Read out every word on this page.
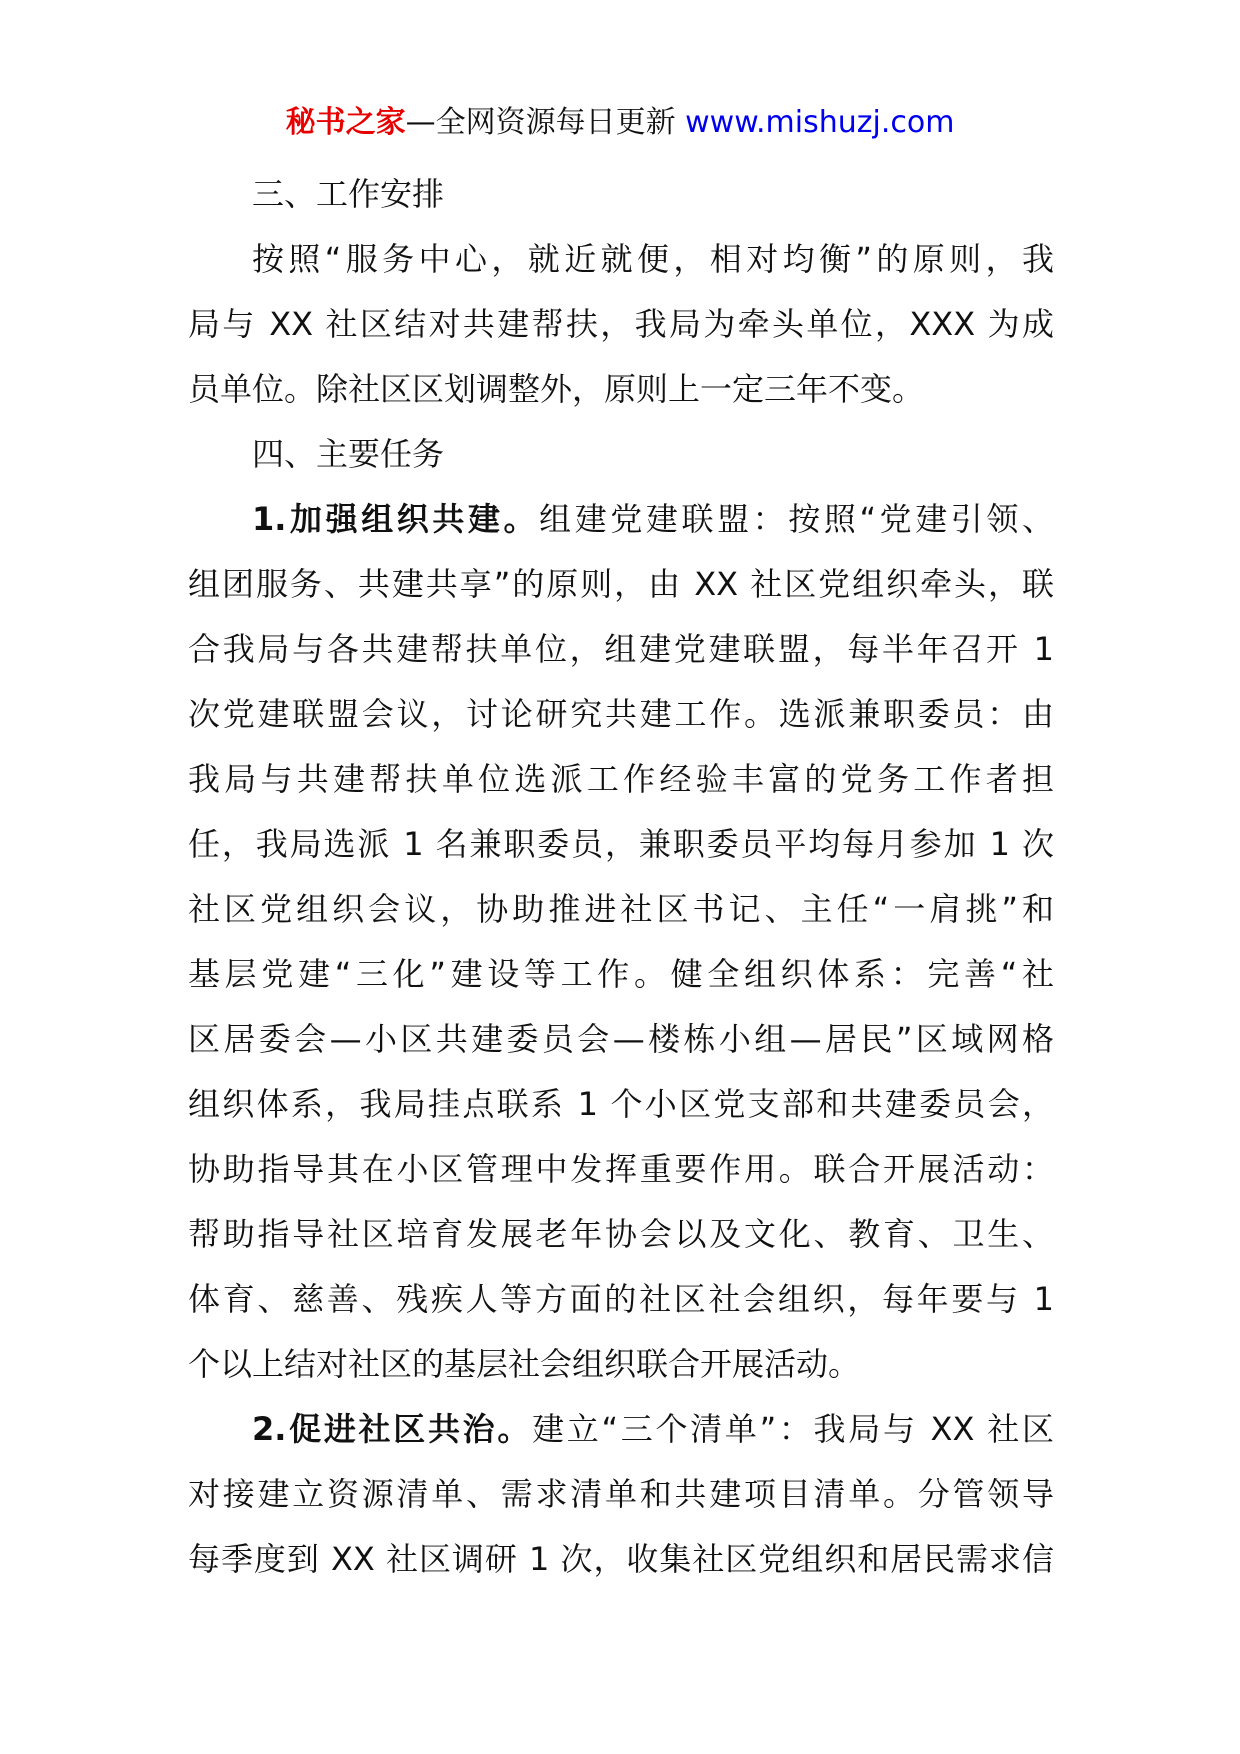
秘书之家—全网资源每日更新 www.mishuzj.com
三、工作安排
按照“服务中心，就近就便，相对均衡”的原则，我
局与 XX 社区结对共建帮扶，我局为牵头单位，XXX 为成
员单位。除社区区划调整外，原则上一定三年不变。
四、主要任务
1.加强组织共建。组建党建联盟：按照“党建引领、
组团服务、共建共享”的原则，由 XX 社区党组织牵头，联
合我局与各共建帮扶单位，组建党建联盟，每半年召开 1
次党建联盟会议，讨论研究共建工作。选派兼职委员：由
我局与共建帮扶单位选派工作经验丰富的党务工作者担
任，我局选派 1 名兼职委员，兼职委员平均每月参加 1 次
社区党组织会议，协助推进社区书记、主任“一肩挑”和
基层党建“三化”建设等工作。健全组织体系：完善“社
区居委会—小区共建委员会—楼栋小组—居民”区域网格
组织体系，我局挂点联系 1 个小区党支部和共建委员会，
协助指导其在小区管理中发挥重要作用。联合开展活动：
帮助指导社区培育发展老年协会以及文化、教育、卫生、
体育、慈善、残疾人等方面的社区社会组织，每年要与 1
个以上结对社区的基层社会组织联合开展活动。
2.促进社区共治。建立“三个清单”：我局与 XX 社区
对接建立资源清单、需求清单和共建项目清单。分管领导
每季度到 XX 社区调研 1 次，收集社区党组织和居民需求信
